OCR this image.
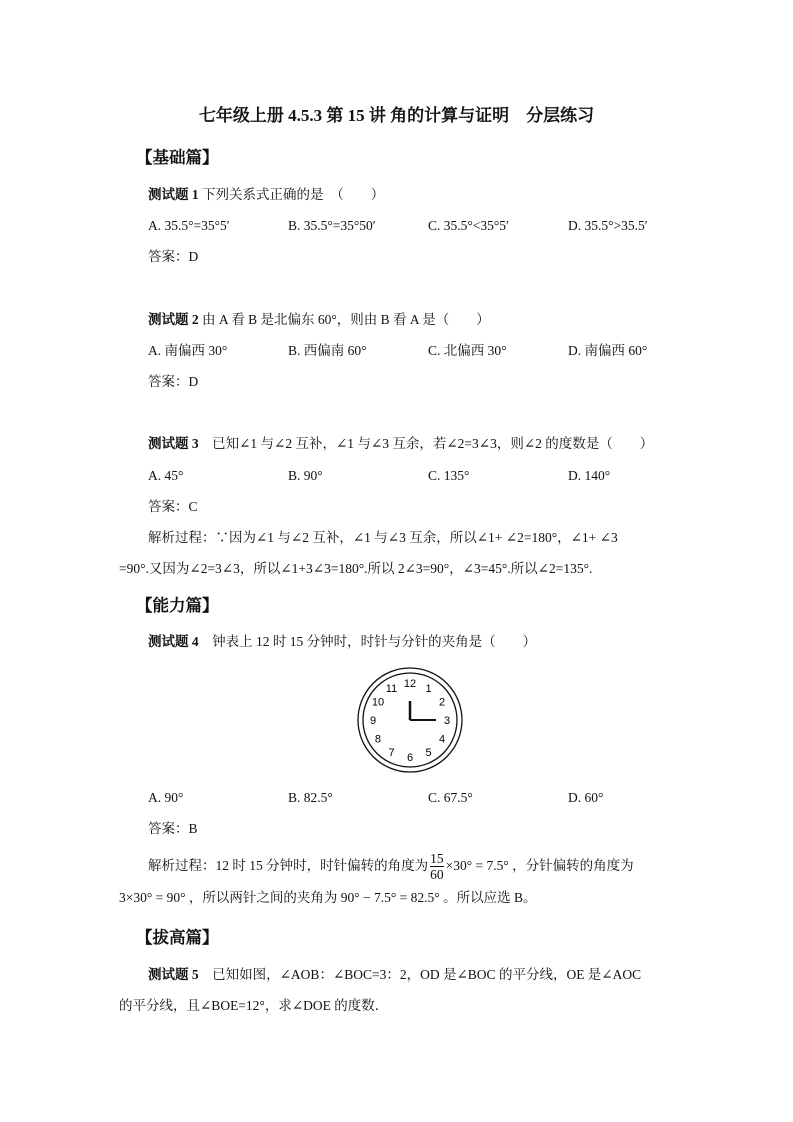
七年级上册 4.5.3 第 15 讲 角的计算与证明　分层练习
【基础篇】
测试题 1 下列关系式正确的是　（　　）
A. 35.5°=35°5′	B. 35.5°=35°50′	C. 35.5°<35°5′	D. 35.5°>35.5′
答案：D
测试题 2 由 A 看 B 是北偏东 60°，则由 B 看 A 是（　　）
A. 南偏西 30°	B. 西偏南 60°	C. 北偏西 30°	D. 南偏西 60°
答案：D
测试题 3　 已知∠1 与∠2 互补，∠1 与∠3 互余，若∠2=3∠3，则∠2 的度数是（　　）
A. 45°	B. 90°	C. 135°	D. 140°
答案：C
解析过程：∵因为∠1 与∠2 互补，∠1 与∠3 互余，所以∠1+ ∠2=180°，∠1+ ∠3
=90°.又因为∠2=3∠3，所以∠1+3∠3=180°.所以 2∠3=90°，∠3=45°.所以∠2=135°.
【能力篇】
测试题 4　 钟表上 12 时 15 分钟时，时针与分针的夹角是（　　）
12 1
2
3
4
5
6
7
8
9
10
11
A. 90°	B. 82.5°	C. 67.5°	D. 60°
答案：B
解析过程：12 时 15 分钟时，时针偏转的角度为 $\frac{15}{60} \times 30^\circ = 7.5^\circ$ ，分针偏转的角度为
3×30° = 90° ，所以两针之间的夹角为 90° − 7.5° = 82.5° 。所以应选 B。
【拔高篇】
测试题 5　 已知如图，∠AOB：∠BOC=3：2，OD 是∠BOC 的平分线，OE 是∠AOC
的平分线，且∠BOE=12°，求∠DOE 的度数．
